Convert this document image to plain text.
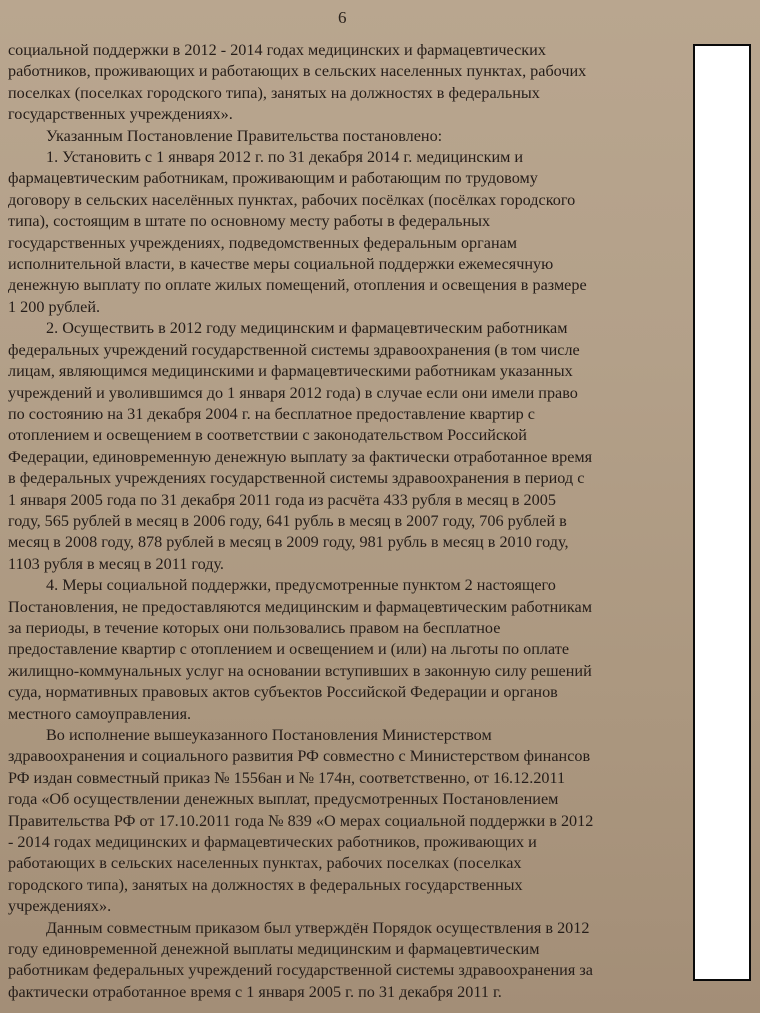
6
социальной поддержки в 2012 - 2014 годах медицинских и фармацевтических
работников, проживающих и работающих в сельских населенных пунктах, рабочих
поселках (поселках городского типа), занятых на должностях в федеральных
государственных учреждениях».
Указанным Постановление Правительства постановлено:
1. Установить с 1 января 2012 г. по 31 декабря 2014 г. медицинским и
фармацевтическим работникам, проживающим и работающим по трудовому
договору в сельских населённых пунктах, рабочих посёлках (посёлках городского
типа), состоящим в штате по основному месту работы в федеральных
государственных учреждениях, подведомственных федеральным органам
исполнительной власти, в качестве меры социальной поддержки ежемесячную
денежную выплату по оплате жилых помещений, отопления и освещения в размере
1 200 рублей.
2. Осуществить в 2012 году медицинским и фармацевтическим работникам
федеральных учреждений государственной системы здравоохранения (в том числе
лицам, являющимся медицинскими и фармацевтическими работникам указанных
учреждений и уволившимся до 1 января 2012 года) в случае если они имели право
по состоянию на 31 декабря 2004 г. на бесплатное предоставление квартир с
отоплением и освещением в соответствии с законодательством Российской
Федерации, единовременную денежную выплату за фактически отработанное время
в федеральных учреждениях государственной системы здравоохранения в период с
1 января 2005 года по 31 декабря 2011 года из расчёта 433 рубля в месяц в 2005
году, 565 рублей в месяц в 2006 году, 641 рубль в месяц в 2007 году, 706 рублей в
месяц в 2008 году, 878 рублей в месяц в 2009 году, 981 рубль в месяц в 2010 году,
1103 рубля в месяц в 2011 году.
4. Меры социальной поддержки, предусмотренные пунктом 2 настоящего
Постановления, не предоставляются медицинским и фармацевтическим работникам
за периоды, в течение которых они пользовались правом на бесплатное
предоставление квартир с отоплением и освещением и (или) на льготы по оплате
жилищно-коммунальных услуг на основании вступивших в законную силу решений
суда, нормативных правовых актов субъектов Российской Федерации и органов
местного самоуправления.
Во исполнение вышеуказанного Постановления Министерством
здравоохранения и социального развития РФ совместно с Министерством финансов
РФ издан совместный приказ № 1556ан и № 174н, соответственно, от 16.12.2011
года «Об осуществлении денежных выплат, предусмотренных Постановлением
Правительства РФ от 17.10.2011 года № 839 «О мерах социальной поддержки в 2012
- 2014 годах медицинских и фармацевтических работников, проживающих и
работающих в сельских населенных пунктах, рабочих поселках (поселках
городского типа), занятых на должностях в федеральных государственных
учреждениях».
Данным совместным приказом был утверждён Порядок осуществления в 2012
году единовременной денежной выплаты медицинским и фармацевтическим
работникам федеральных учреждений государственной системы здравоохранения за
фактически отработанное время с 1 января 2005 г. по 31 декабря 2011 г.
